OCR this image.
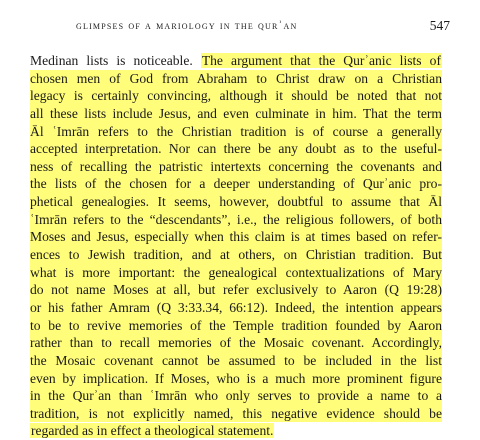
glimpses of a mariology in the qurʾan	547
Medinan lists is noticeable. The argument that the Qurʾanic lists of
chosen men of God from Abraham to Christ draw on a Christian
legacy is certainly convincing, although it should be noted that not
all these lists include Jesus, and even culminate in him. That the term
Āl ʿImrān refers to the Christian tradition is of course a generally
accepted interpretation. Nor can there be any doubt as to the useful-
ness of recalling the patristic intertexts concerning the covenants and
the lists of the chosen for a deeper understanding of Qurʾanic pro-
phetical genealogies. It seems, however, doubtful to assume that Āl
ʿImrān refers to the “descendants”, i.e., the religious followers, of both
Moses and Jesus, especially when this claim is at times based on refer-
ences to Jewish tradition, and at others, on Christian tradition. But
what is more important: the genealogical contextualizations of Mary
do not name Moses at all, but refer exclusively to Aaron (Q 19:28)
or his father Amram (Q 3:33.34, 66:12). Indeed, the intention appears
to be to revive memories of the Temple tradition founded by Aaron
rather than to recall memories of the Mosaic covenant. Accordingly,
the Mosaic covenant cannot be assumed to be included in the list
even by implication. If Moses, who is a much more prominent figure
in the Qurʾan than ʿImrān who only serves to provide a name to a
tradition, is not explicitly named, this negative evidence should be
regarded as in effect a theological statement.
